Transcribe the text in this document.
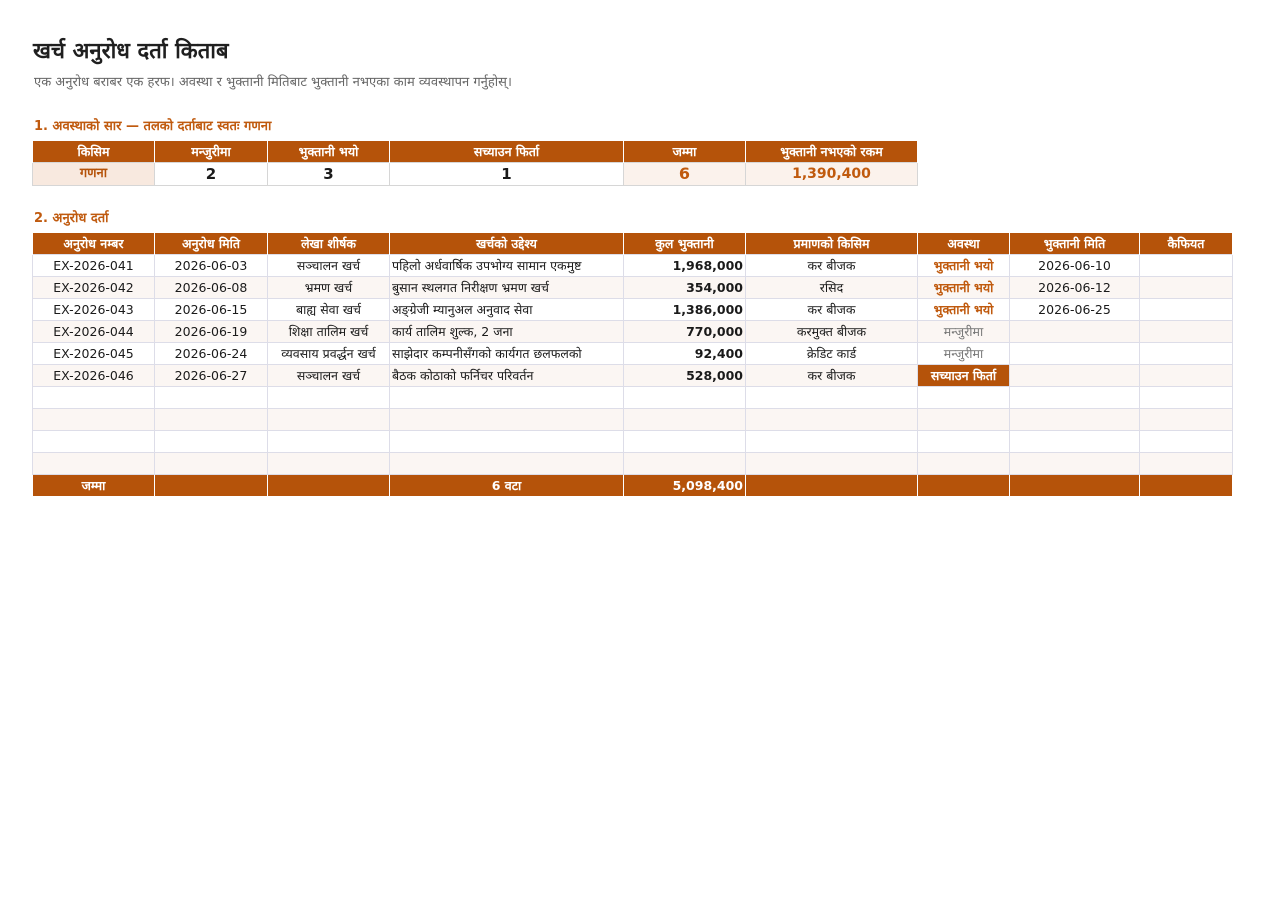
खर्च अनुरोध दर्ता किताब
एक अनुरोध बराबर एक हरफ। अवस्था र भुक्तानी मितिबाट भुक्तानी नभएका काम व्यवस्थापन गर्नुहोस्।
1. अवस्थाको सार — तलको दर्ताबाट स्वतः गणना
किसिम	मन्जुरीमा	भुक्तानी भयो	सच्याउन फिर्ता	जम्मा	भुक्तानी नभएको रकम
गणना	2	3	1	6	1,390,400
2. अनुरोध दर्ता
अनुरोध नम्बर	अनुरोध मिति	लेखा शीर्षक	खर्चको उद्देश्य	कुल भुक्तानी	प्रमाणको किसिम	अवस्था	भुक्तानी मिति	कैफियत
EX-2026-041	2026-06-03	सञ्चालन खर्च	पहिलो अर्धवार्षिक उपभोग्य सामान एकमुष्ट	1,968,000	कर बीजक	भुक्तानी भयो	2026-06-10	
EX-2026-042	2026-06-08	भ्रमण खर्च	बुसान स्थलगत निरीक्षण भ्रमण खर्च	354,000	रसिद	भुक्तानी भयो	2026-06-12	
EX-2026-043	2026-06-15	बाह्य सेवा खर्च	अङ्ग्रेजी म्यानुअल अनुवाद सेवा	1,386,000	कर बीजक	भुक्तानी भयो	2026-06-25	
EX-2026-044	2026-06-19	शिक्षा तालिम खर्च	कार्य तालिम शुल्क, 2 जना	770,000	करमुक्त बीजक	मन्जुरीमा		
EX-2026-045	2026-06-24	व्यवसाय प्रवर्द्धन खर्च	साझेदार कम्पनीसँगको कार्यगत छलफलको	92,400	क्रेडिट कार्ड	मन्जुरीमा		
EX-2026-046	2026-06-27	सञ्चालन खर्च	बैठक कोठाको फर्निचर परिवर्तन	528,000	कर बीजक	सच्याउन फिर्ता		

जम्मा			6 वटा	5,098,400				
